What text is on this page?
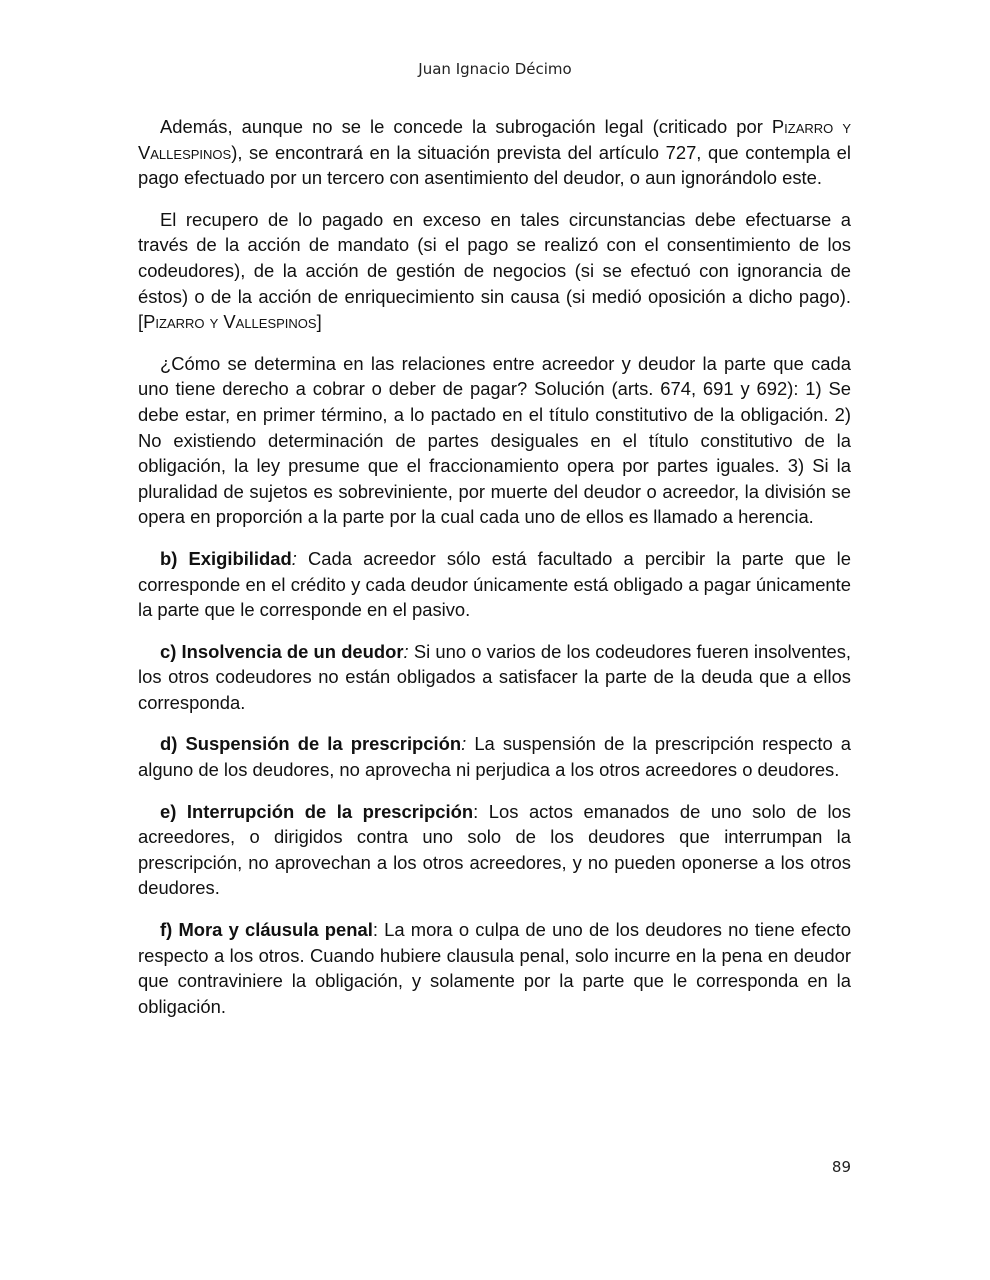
Juan Ignacio Décimo

Además, aunque no se le concede la subrogación legal (criticado por Pizarro y Vallespinos), se encontrará en la situación prevista del artículo 727, que contempla el pago efectuado por un tercero con asentimiento del deudor, o aun ignorándolo este.

El recupero de lo pagado en exceso en tales circunstancias debe efectuarse a través de la acción de mandato (si el pago se realizó con el consentimiento de los codeudores), de la acción de gestión de negocios (si se efectuó con ignorancia de éstos) o de la acción de enriquecimiento sin causa (si medió oposición a dicho pago). [Pizarro y Vallespinos]

¿Cómo se determina en las relaciones entre acreedor y deudor la parte que cada uno tiene derecho a cobrar o deber de pagar? Solución (arts. 674, 691 y 692): 1) Se debe estar, en primer término, a lo pactado en el título constitutivo de la obligación. 2) No existiendo determinación de partes desiguales en el título constitutivo de la obligación, la ley presume que el fraccionamiento opera por partes iguales. 3) Si la pluralidad de sujetos es sobreviniente, por muerte del deudor o acreedor, la división se opera en proporción a la parte por la cual cada uno de ellos es llamado a herencia.

b) Exigibilidad: Cada acreedor sólo está facultado a percibir la parte que le corresponde en el crédito y cada deudor únicamente está obligado a pagar únicamente la parte que le corresponde en el pasivo.

c) Insolvencia de un deudor: Si uno o varios de los codeudores fueren insolventes, los otros codeudores no están obligados a satisfacer la parte de la deuda que a ellos corresponda.

d) Suspensión de la prescripción: La suspensión de la prescripción respecto a alguno de los deudores, no aprovecha ni perjudica a los otros acreedores o deudores.

e) Interrupción de la prescripción: Los actos emanados de uno solo de los acreedores, o dirigidos contra uno solo de los deudores que interrumpan la prescripción, no aprovechan a los otros acreedores, y no pueden oponerse a los otros deudores.

f) Mora y cláusula penal: La mora o culpa de uno de los deudores no tiene efecto respecto a los otros. Cuando hubiere clausula penal, solo incurre en la pena en deudor que contraviniere la obligación, y solamente por la parte que le corresponda en la obligación.

89
